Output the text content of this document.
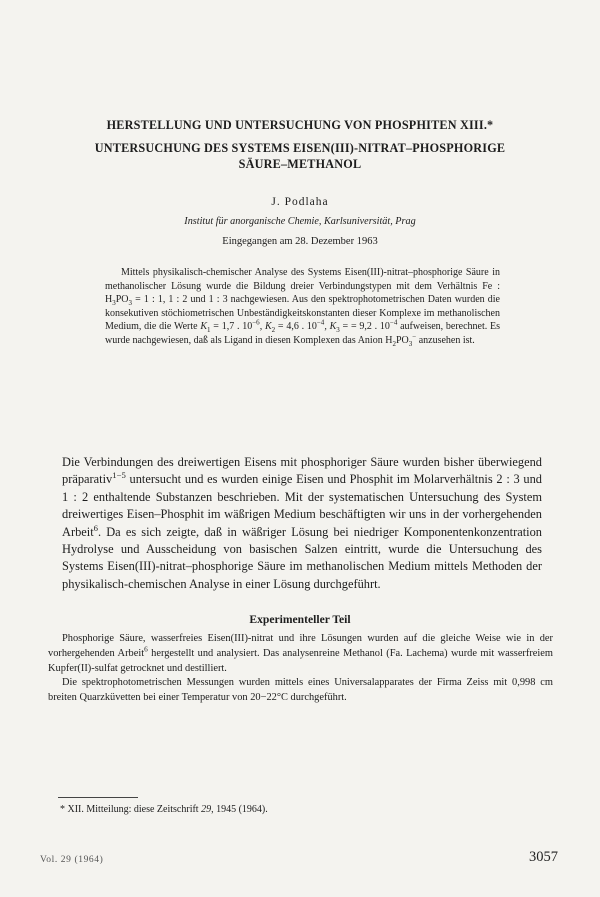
HERSTELLUNG UND UNTERSUCHUNG VON PHOSPHITEN XIII.*
UNTERSUCHUNG DES SYSTEMS EISEN(III)-NITRAT–PHOSPHORIGE
SÄURE–METHANOL
J. Podlaha
Institut für anorganische Chemie, Karlsuniversität, Prag
Eingegangen am 28. Dezember 1963

Mittels physikalisch-chemischer Analyse des Systems Eisen(III)-nitrat–phosphorige Säure in methanolischer Lösung wurde die Bildung dreier Verbindungstypen mit dem Verhältnis Fe : $H_3PO_3 = 1$ : 1, 1 : 2 und 1 : 3 nachgewiesen. Aus den spektrophotometrischen Daten wurden die konsekutiven stöchiometrischen Unbeständigkeitskonstanten dieser Komplexe im methanolischen Medium, die die Werte $K_1 = 1,7$ . $10^{-6}$, $K_2 = 4,6$ . $10^{-4}$, $K_3$ = = 9,2 . $10^{-4}$ aufweisen, berechnet. Es wurde nachgewiesen, daß als Ligand in diesen Komplexen das Anion $H_2PO_3^-$ anzusehen ist.

Die Verbindungen des dreiwertigen Eisens mit phosphoriger Säure wurden bisher überwiegend präparativ$^{1-5}$ untersucht und es wurden einige Eisen und Phosphit im Molarverhältnis 2 : 3 und 1 : 2 enthaltende Substanzen beschrieben. Mit der systematischen Untersuchung des System dreiwertiges Eisen–Phosphit im wäßrigen Medium beschäftigten wir uns in der vorhergehenden Arbeit$^6$. Da es sich zeigte, daß in wäßriger Lösung bei niedriger Komponentenkonzentration Hydrolyse und Ausscheidung von basischen Salzen eintritt, wurde die Untersuchung des Systems Eisen(III)-nitrat–phosphorige Säure im methanolischen Medium mittels Methoden der physikalisch-chemischen Analyse in einer Lösung durchgeführt.

Experimenteller Teil

Phosphorige Säure, wasserfreies Eisen(III)-nitrat und ihre Lösungen wurden auf die gleiche Weise wie in der vorhergehenden Arbeit$^6$ hergestellt und analysiert. Das analysenreine Methanol (Fa. Lachema) wurde mit wasserfreiem Kupfer(II)-sulfat getrocknet und destilliert.

Die spektrophotometrischen Messungen wurden mittels eines Universalapparates der Firma Zeiss mit 0,998 cm breiten Quarzküvetten bei einer Temperatur von 20−22°C durchgeführt.

* XII. Mitteilung: diese Zeitschrift 29, 1945 (1964).
Vol. 29 (1964)	3057
